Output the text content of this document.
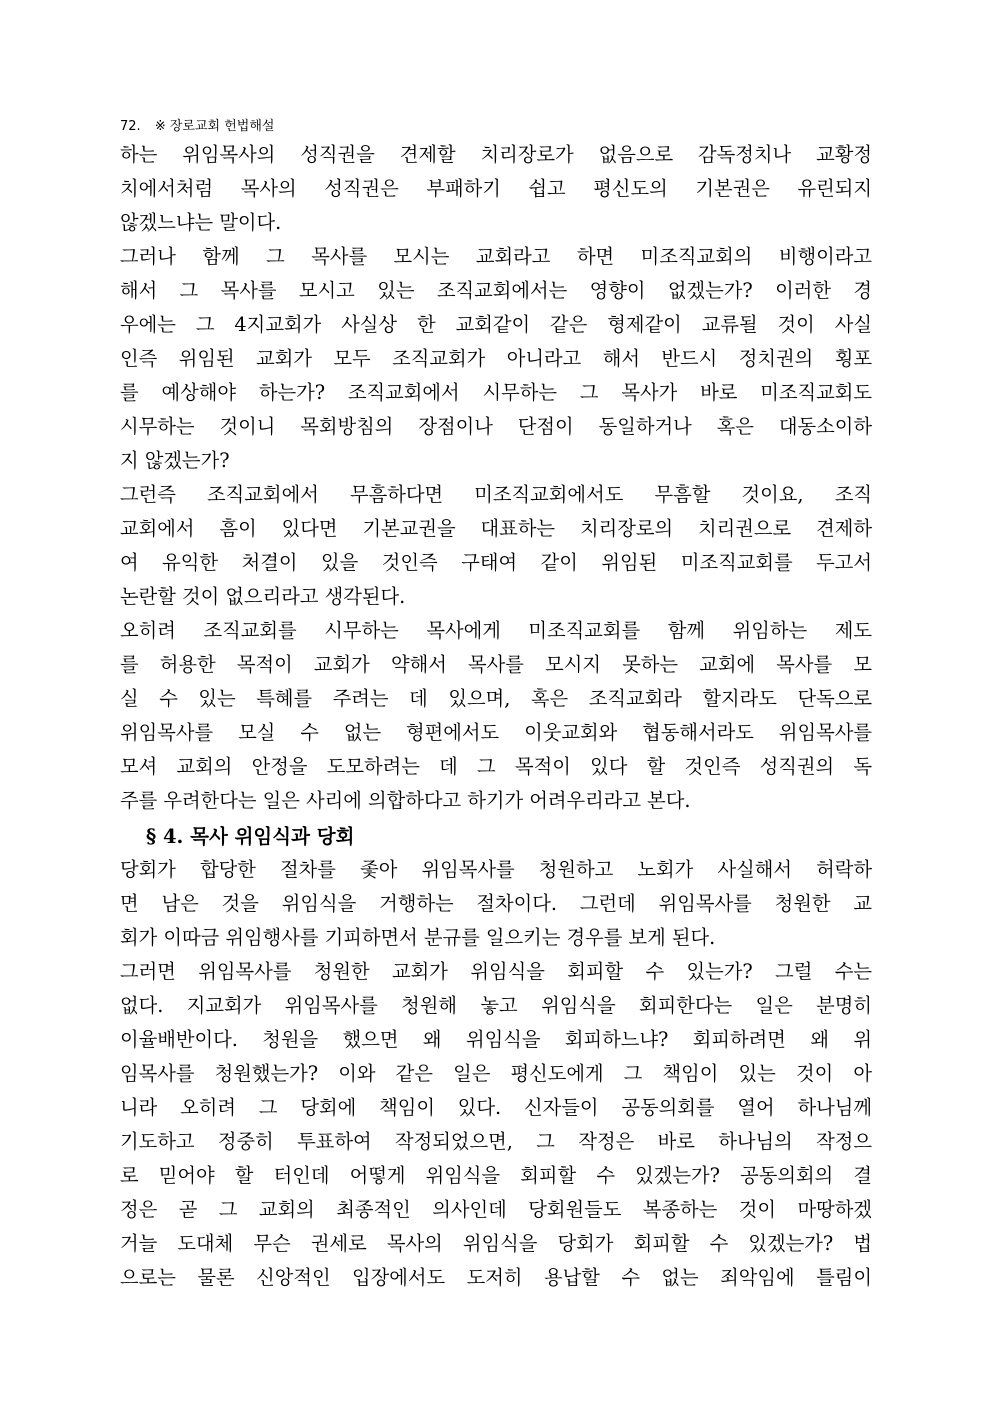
72. ※ 장로교회 헌법해설
하는 위임목사의 성직권을 견제할 치리장로가 없음으로 감독정치나 교황정
치에서처럼 목사의 성직권은 부패하기 쉽고 평신도의 기본권은 유린되지
않겠느냐는 말이다.
그러나 함께 그 목사를 모시는 교회라고 하면 미조직교회의 비행이라고
해서 그 목사를 모시고 있는 조직교회에서는 영향이 없겠는가? 이러한 경
우에는 그 4지교회가 사실상 한 교회같이 같은 형제같이 교류될 것이 사실
인즉 위임된 교회가 모두 조직교회가 아니라고 해서 반드시 정치권의 횡포
를 예상해야 하는가? 조직교회에서 시무하는 그 목사가 바로 미조직교회도
시무하는 것이니 목회방침의 장점이나 단점이 동일하거나 혹은 대동소이하
지 않겠는가?
그런즉 조직교회에서 무흠하다면 미조직교회에서도 무흠할 것이요, 조직
교회에서 흠이 있다면 기본교권을 대표하는 치리장로의 치리권으로 견제하
여 유익한 처결이 있을 것인즉 구태여 같이 위임된 미조직교회를 두고서
논란할 것이 없으리라고 생각된다.
오히려 조직교회를 시무하는 목사에게 미조직교회를 함께 위임하는 제도
를 허용한 목적이 교회가 약해서 목사를 모시지 못하는 교회에 목사를 모
실 수 있는 특혜를 주려는 데 있으며, 혹은 조직교회라 할지라도 단독으로
위임목사를 모실 수 없는 형편에서도 이웃교회와 협동해서라도 위임목사를
모셔 교회의 안정을 도모하려는 데 그 목적이 있다 할 것인즉 성직권의 독
주를 우려한다는 일은 사리에 의합하다고 하기가 어려우리라고 본다.
§ 4. 목사 위임식과 당회
당회가 합당한 절차를 좇아 위임목사를 청원하고 노회가 사실해서 허락하
면 남은 것을 위임식을 거행하는 절차이다. 그런데 위임목사를 청원한 교
회가 이따금 위임행사를 기피하면서 분규를 일으키는 경우를 보게 된다.
그러면 위임목사를 청원한 교회가 위임식을 회피할 수 있는가? 그럴 수는
없다. 지교회가 위임목사를 청원해 놓고 위임식을 회피한다는 일은 분명히
이율배반이다. 청원을 했으면 왜 위임식을 회피하느냐? 회피하려면 왜 위
임목사를 청원했는가? 이와 같은 일은 평신도에게 그 책임이 있는 것이 아
니라 오히려 그 당회에 책임이 있다. 신자들이 공동의회를 열어 하나님께
기도하고 정중히 투표하여 작정되었으면, 그 작정은 바로 하나님의 작정으
로 믿어야 할 터인데 어떻게 위임식을 회피할 수 있겠는가? 공동의회의 결
정은 곧 그 교회의 최종적인 의사인데 당회원들도 복종하는 것이 마땅하겠
거늘 도대체 무슨 권세로 목사의 위임식을 당회가 회피할 수 있겠는가? 법
으로는 물론 신앙적인 입장에서도 도저히 용납할 수 없는 죄악임에 틀림이
